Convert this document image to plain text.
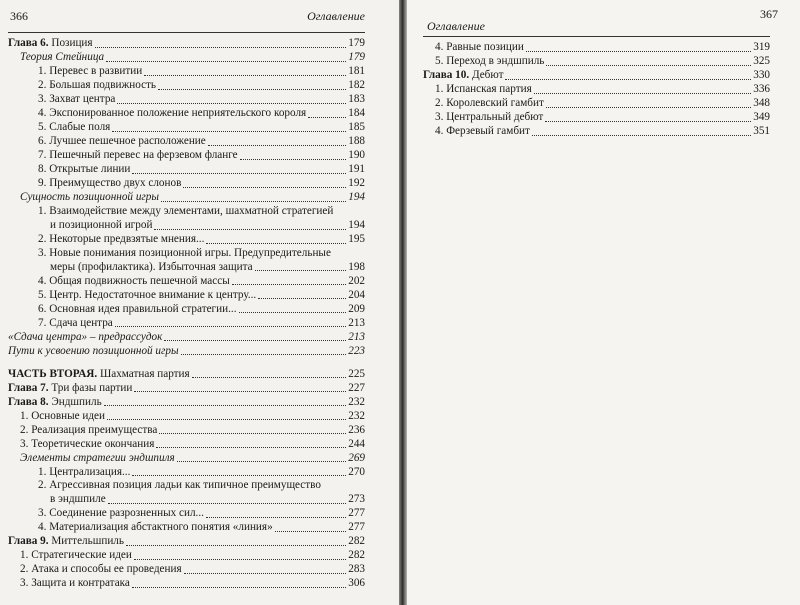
366	Оглавление
Глава 6. Позиция	179
Теория Стейница	179
1. Перевес в развитии	181
2. Большая подвижность	182
3. Захват центра	183
4. Экспонированное положение неприятельского короля	184
5. Слабые поля	185
6. Лучшее пешечное расположение	188
7. Пешечный перевес на ферзевом фланге	190
8. Открытые линии	191
9. Преимущество двух слонов	192
Сущность позиционной игры	194
1. Взаимодействие между элементами, шахматной стратегией
и позиционной игрой	194
2. Некоторые предвзятые мнения...	195
3. Новые понимания позиционной игры. Предупредительные
меры (профилактика). Избыточная защита	198
4. Общая подвижность пешечной массы	202
5. Центр. Недостаточное внимание к центру...	204
6. Основная идея правильной стратегии...	209
7. Сдача центра	213
«Сдача центра» – предрассудок	213
Пути к усвоению позиционной игры	223
ЧАСТЬ ВТОРАЯ. Шахматная партия	225
Глава 7. Три фазы партии	227
Глава 8. Эндшпиль	232
1. Основные идеи	232
2. Реализация преимущества	236
3. Теоретические окончания	244
Элементы стратегии эндшпиля	269
1. Централизация...	270
2. Агрессивная позиция ладьи как типичное преимущество
в эндшпиле	273
3. Соединение разрозненных сил...	277
4. Материализация абстактного понятия «линия»	277
Глава 9. Миттельшпиль	282
1. Стратегические идеи	282
2. Атака и способы ее проведения	283
3. Защита и контратака	306
Оглавление
367
4. Равные позиции	319
5. Переход в эндшпиль	325
Глава 10. Дебют	330
1. Испанская партия	336
2. Королевский гамбит	348
3. Центральный дебют	349
4. Ферзевый гамбит	351
